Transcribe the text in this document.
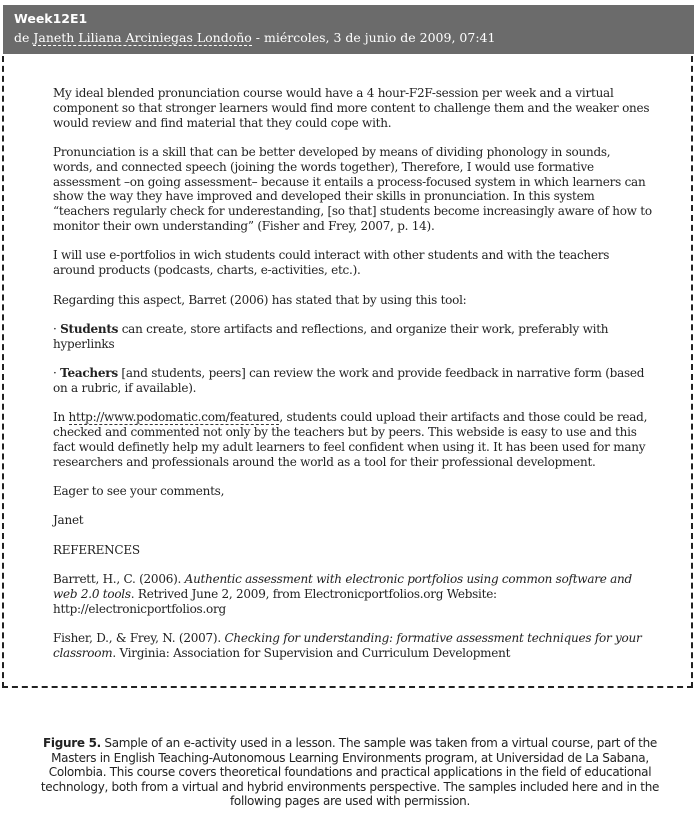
Week12E1
de Janeth Liliana Arciniegas Londoño - miércoles, 3 de junio de 2009, 07:41

My ideal blended pronunciation course would have a 4 hour-F2F-session per week and a virtual component so that stronger learners would find more content to challenge them and the weaker ones would review and find material that they could cope with.

Pronunciation is a skill that can be better developed by means of dividing phonology in sounds, words, and connected speech (joining the words together), Therefore, I would use formative assessment –on going assessment– because it entails a process-focused system in which learners can show the way they have improved and developed their skills in pronunciation. In this system “teachers regularly check for underestanding, [so that] students become increasingly aware of how to monitor their own understanding” (Fisher and Frey, 2007, p. 14).

I will use e-portfolios in wich students could interact with other students and with the teachers around products (podcasts, charts, e-activities, etc.).

Regarding this aspect, Barret (2006) has stated that by using this tool:

· Students can create, store artifacts and reflections, and organize their work, preferably with hyperlinks

· Teachers [and students, peers] can review the work and provide feedback in narrative form (based on a rubric, if available).

In http://www.podomatic.com/featured, students could upload their artifacts and those could be read, checked and commented not only by the teachers but by peers. This webside is easy to use and this fact would definetly help my adult learners to feel confident when using it. It has been used for many researchers and professionals around the world as a tool for their professional development.

Eager to see your comments,

Janet

REFERENCES

Barrett, H., C. (2006). Authentic assessment with electronic portfolios using common software and web 2.0 tools. Retrived June 2, 2009, from Electronicportfolios.org Website: http://electronicportfolios.org

Fisher, D., & Frey, N. (2007). Checking for understanding: formative assessment techniques for your classroom. Virginia: Association for Supervision and Curriculum Development

Figure 5. Sample of an e-activity used in a lesson. The sample was taken from a virtual course, part of the Masters in English Teaching-Autonomous Learning Environments program, at Universidad de La Sabana, Colombia. This course covers theoretical foundations and practical applications in the field of educational technology, both from a virtual and hybrid environments perspective. The samples included here and in the following pages are used with permission.
